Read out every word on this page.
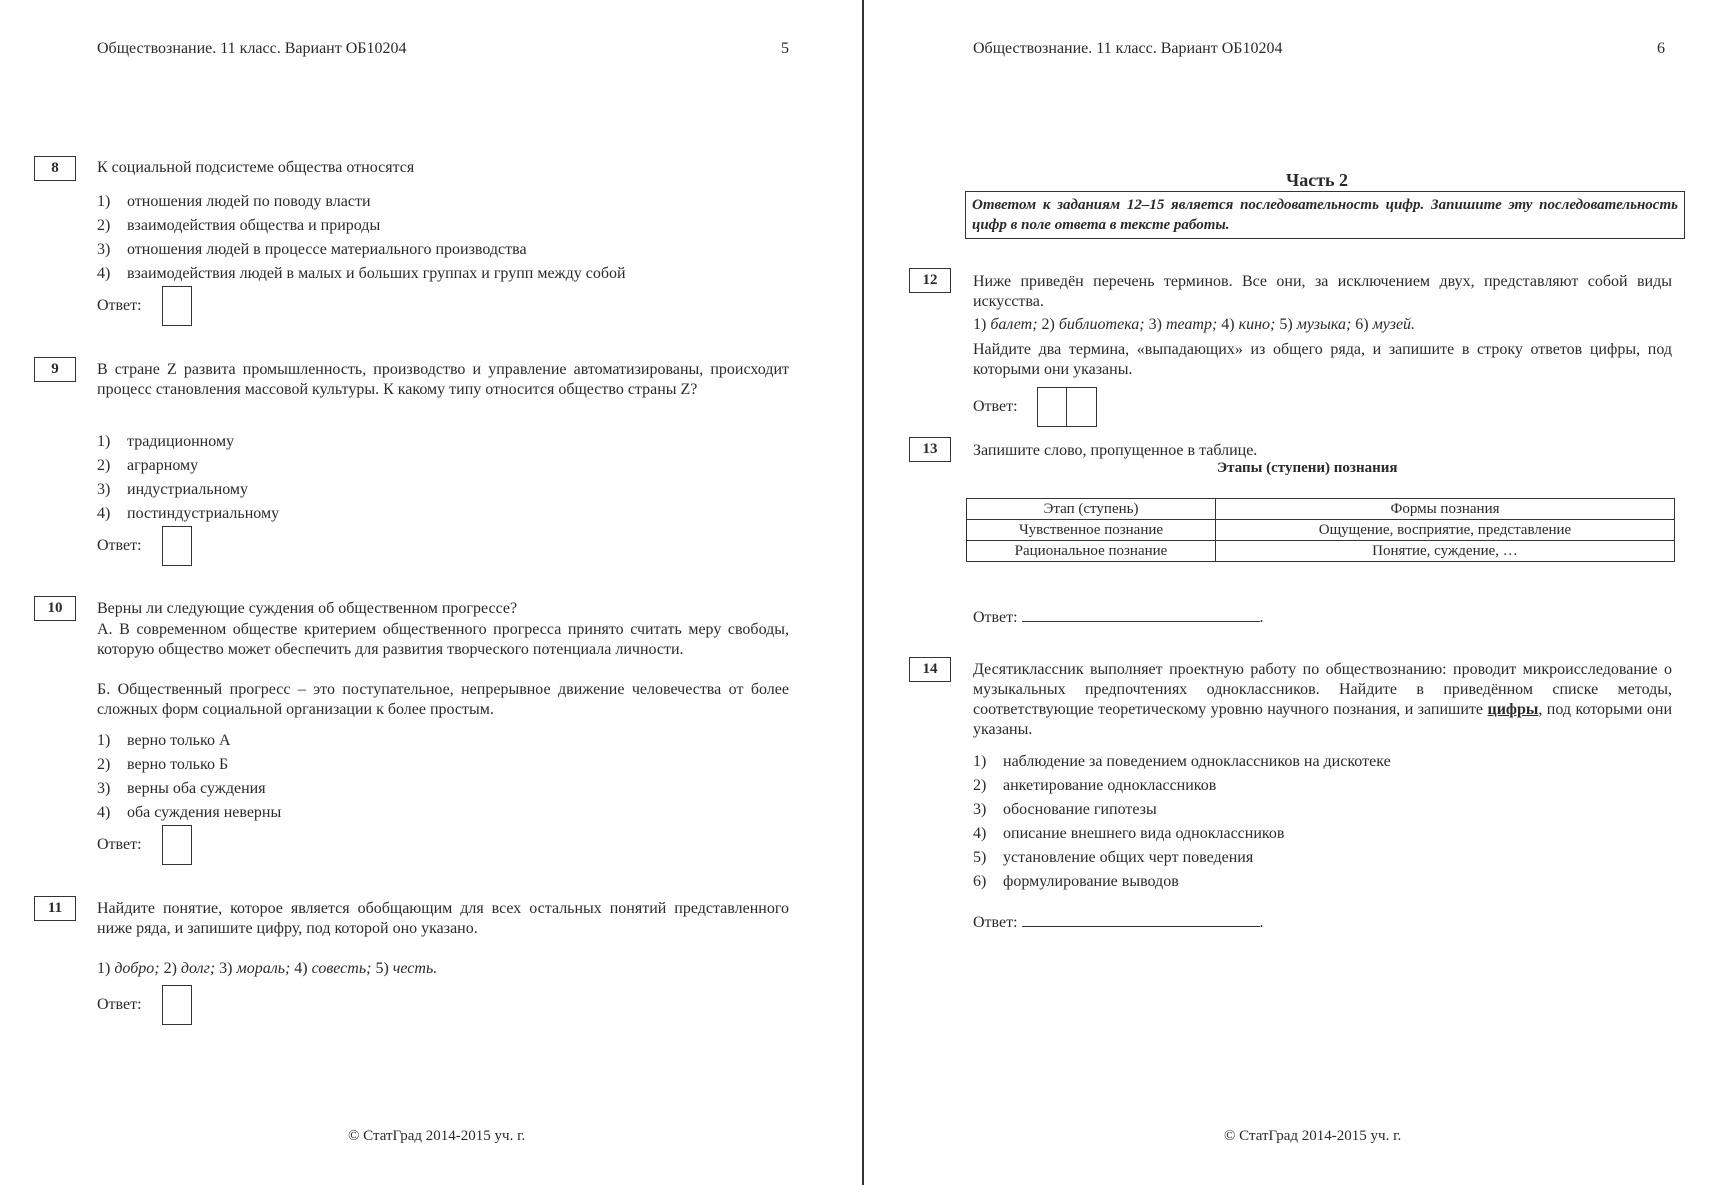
Обществознание. 11 класс. Вариант ОБ10204	5
8	К социальной подсистеме общества относятся
1) отношения людей по поводу власти
2) взаимодействия общества и природы
3) отношения людей в процессе материального производства
4) взаимодействия людей в малых и больших группах и групп между собой
Ответ:
9	В стране Z развита промышленность, производство и управление автоматизированы, происходит процесс становления массовой культуры. К какому типу относится общество страны Z?
1) традиционному
2) аграрному
3) индустриальному
4) постиндустриальному
Ответ:
10	Верны ли следующие суждения об общественном прогрессе?
А. В современном обществе критерием общественного прогресса принято считать меру свободы, которую общество может обеспечить для развития творческого потенциала личности.
Б. Общественный прогресс – это поступательное, непрерывное движение человечества от более сложных форм социальной организации к более простым.
1) верно только А
2) верно только Б
3) верны оба суждения
4) оба суждения неверны
Ответ:
11	Найдите понятие, которое является обобщающим для всех остальных понятий представленного ниже ряда, и запишите цифру, под которой оно указано.
1) добро; 2) долг; 3) мораль; 4) совесть; 5) честь.
Ответ:
© СтатГрад 2014-2015 уч. г.
Обществознание. 11 класс. Вариант ОБ10204	6
Часть 2
Ответом к заданиям 12–15 является последовательность цифр. Запишите эту последовательность цифр в поле ответа в тексте работы.
12	Ниже приведён перечень терминов. Все они, за исключением двух, представляют собой виды искусства.
1) балет; 2) библиотека; 3) театр; 4) кино; 5) музыка; 6) музей.
Найдите два термина, «выпадающих» из общего ряда, и запишите в строку ответов цифры, под которыми они указаны.
Ответ:
13	Запишите слово, пропущенное в таблице.
Этапы (ступени) познания
Этап (ступень)	Формы познания
Чувственное познание	Ощущение, восприятие, представление
Рациональное познание	Понятие, суждение, …
Ответ:	.
14	Десятиклассник выполняет проектную работу по обществознанию: проводит микроисследование о музыкальных предпочтениях одноклассников. Найдите в приведённом списке методы, соответствующие теоретическому уровню научного познания, и запишите цифры, под которыми они указаны.
1) наблюдение за поведением одноклассников на дискотеке
2) анкетирование одноклассников
3) обоснование гипотезы
4) описание внешнего вида одноклассников
5) установление общих черт поведения
6) формулирование выводов
Ответ:	.
© СтатГрад 2014-2015 уч. г.
